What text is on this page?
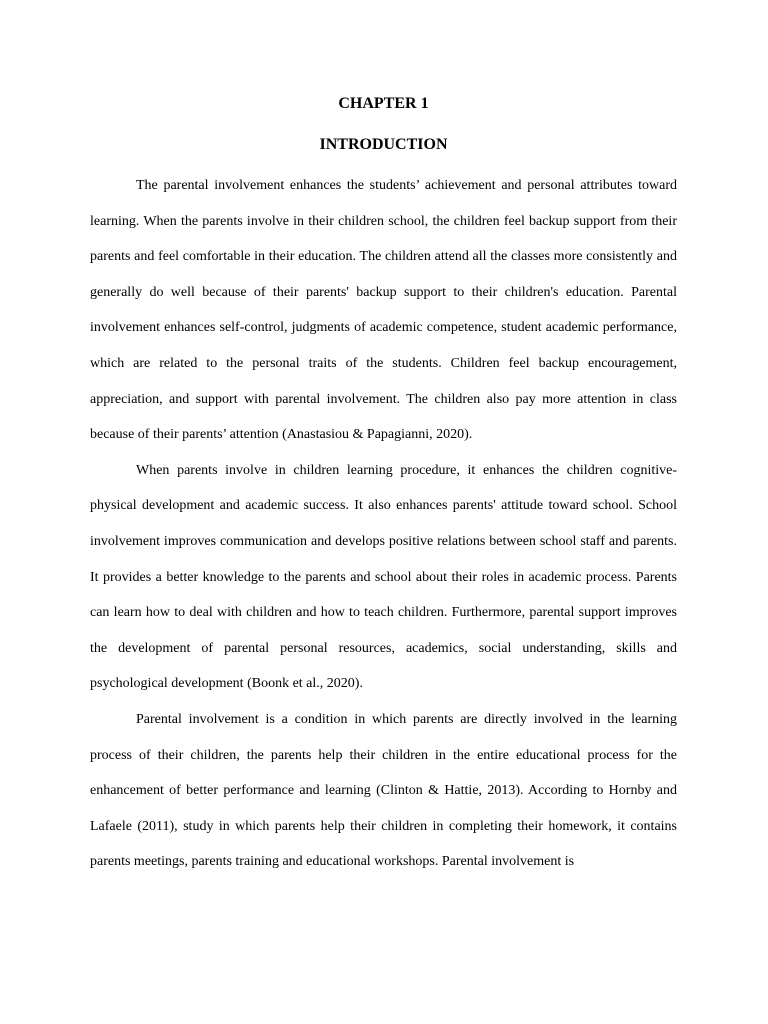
CHAPTER 1
INTRODUCTION

The parental involvement enhances the students’ achievement and personal attributes toward learning. When the parents involve in their children school, the children feel backup support from their parents and feel comfortable in their education. The children attend all the classes more consistently and generally do well because of their parents' backup support to their children's education. Parental involvement enhances self-control, judgments of academic competence, student academic performance, which are related to the personal traits of the students. Children feel backup encouragement, appreciation, and support with parental involvement. The children also pay more attention in class because of their parents’ attention (Anastasiou & Papagianni, 2020).

When parents involve in children learning procedure, it enhances the children cognitive-physical development and academic success. It also enhances parents' attitude toward school. School involvement improves communication and develops positive relations between school staff and parents. It provides a better knowledge to the parents and school about their roles in academic process. Parents can learn how to deal with children and how to teach children. Furthermore, parental support improves the development of parental personal resources, academics, social understanding, skills and psychological development (Boonk et al., 2020).

Parental involvement is a condition in which parents are directly involved in the learning process of their children, the parents help their children in the entire educational process for the enhancement of better performance and learning (Clinton & Hattie, 2013). According to Hornby and Lafaele (2011), study in which parents help their children in completing their homework, it contains parents meetings, parents training and educational workshops. Parental involvement is
